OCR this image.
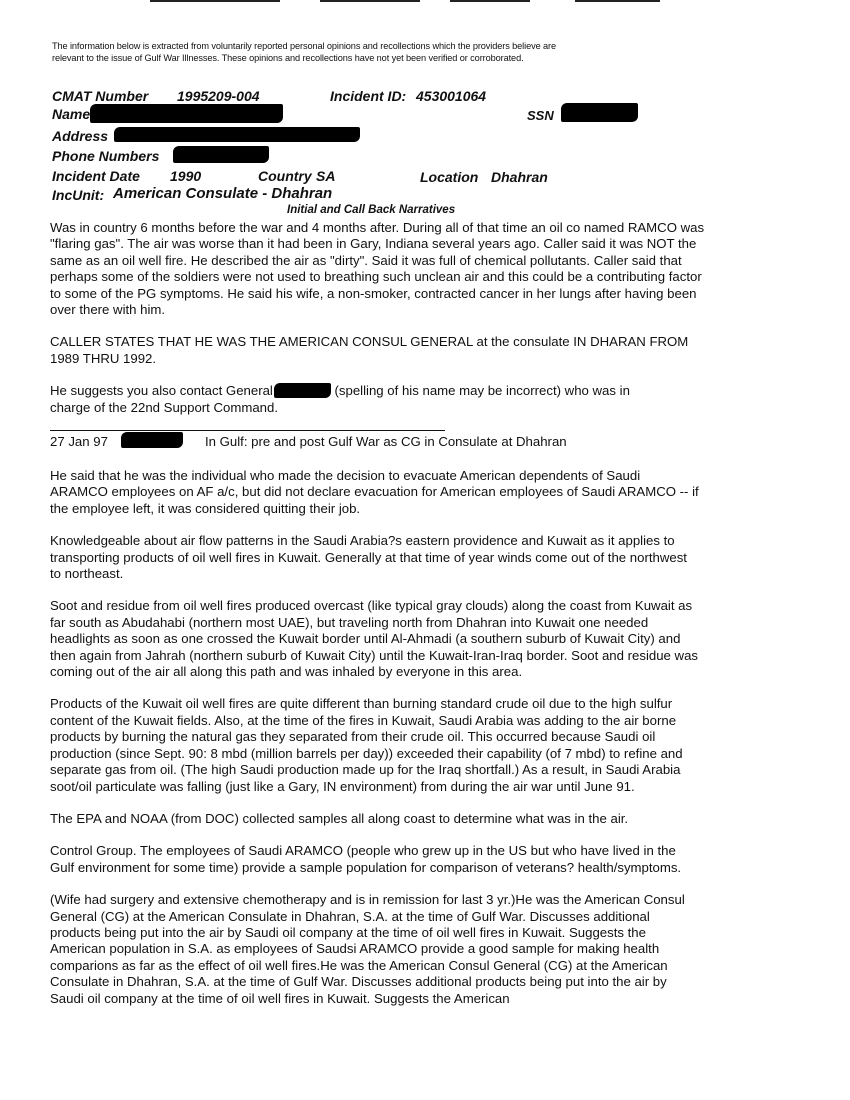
The information below is extracted from voluntarily reported personal opinions and recollections which the providers believe are relevant to the issue of Gulf War Illnesses. These opinions and recollections have not yet been verified or corroborated.
CMAT Number 1995209-004	Incident ID: 453001064
Name	SSN
Address
Phone Numbers
Incident Date 1990	Country SA	Location Dhahran
IncUnit: American Consulate - Dhahran
Initial and Call Back Narratives

Was in country 6 months before the war and 4 months after. During all of that time an oil co named RAMCO was "flaring gas". The air was worse than it had been in Gary, Indiana several years ago. Caller said it was NOT the same as an oil well fire. He described the air as "dirty". Said it was full of chemical pollutants. Caller said that perhaps some of the soldiers were not used to breathing such unclean air and this could be a contributing factor to some of the PG symptoms. He said his wife, a non-smoker, contracted cancer in her lungs after having been over there with him.

CALLER STATES THAT HE WAS THE AMERICAN CONSUL GENERAL at the consulate IN DHARAN FROM 1989 THRU 1992.

He suggests you also contact General	(spelling of his name may be incorrect) who was in charge of the 22nd Support Command.

27 Jan 97	In Gulf: pre and post Gulf War as CG in Consulate at Dhahran

He said that he was the individual who made the decision to evacuate American dependents of Saudi ARAMCO employees on AF a/c, but did not declare evacuation for American employees of Saudi ARAMCO -- if the employee left, it was considered quitting their job.

Knowledgeable about air flow patterns in the Saudi Arabia?s eastern providence and Kuwait as it applies to transporting products of oil well fires in Kuwait. Generally at that time of year winds come out of the northwest to northeast.

Soot and residue from oil well fires produced overcast (like typical gray clouds) along the coast from Kuwait as far south as Abudahabi (northern most UAE), but traveling north from Dhahran into Kuwait one needed headlights as soon as one crossed the Kuwait border until Al-Ahmadi (a southern suburb of Kuwait City) and then again from Jahrah (northern suburb of Kuwait City) until the Kuwait-Iran-Iraq border. Soot and residue was coming out of the air all along this path and was inhaled by everyone in this area.

Products of the Kuwait oil well fires are quite different than burning standard crude oil due to the high sulfur content of the Kuwait fields. Also, at the time of the fires in Kuwait, Saudi Arabia was adding to the air borne products by burning the natural gas they separated from their crude oil. This occurred because Saudi oil production (since Sept. 90: 8 mbd (million barrels per day)) exceeded their capability (of 7 mbd) to refine and separate gas from oil. (The high Saudi production made up for the Iraq shortfall.) As a result, in Saudi Arabia soot/oil particulate was falling (just like a Gary, IN environment) from during the air war until June 91.

The EPA and NOAA (from DOC) collected samples all along coast to determine what was in the air.

Control Group. The employees of Saudi ARAMCO (people who grew up in the US but who have lived in the Gulf environment for some time) provide a sample population for comparison of veterans? health/symptoms.

(Wife had surgery and extensive chemotherapy and is in remission for last 3 yr.)He was the American Consul General (CG) at the American Consulate in Dhahran, S.A. at the time of Gulf War. Discusses additional products being put into the air by Saudi oil company at the time of oil well fires in Kuwait. Suggests the American population in S.A. as employees of Saudsi ARAMCO provide a good sample for making health comparions as far as the effect of oil well fires.He was the American Consul General (CG) at the American Consulate in Dhahran, S.A. at the time of Gulf War. Discusses additional products being put into the air by Saudi oil company at the time of oil well fires in Kuwait. Suggests the American
